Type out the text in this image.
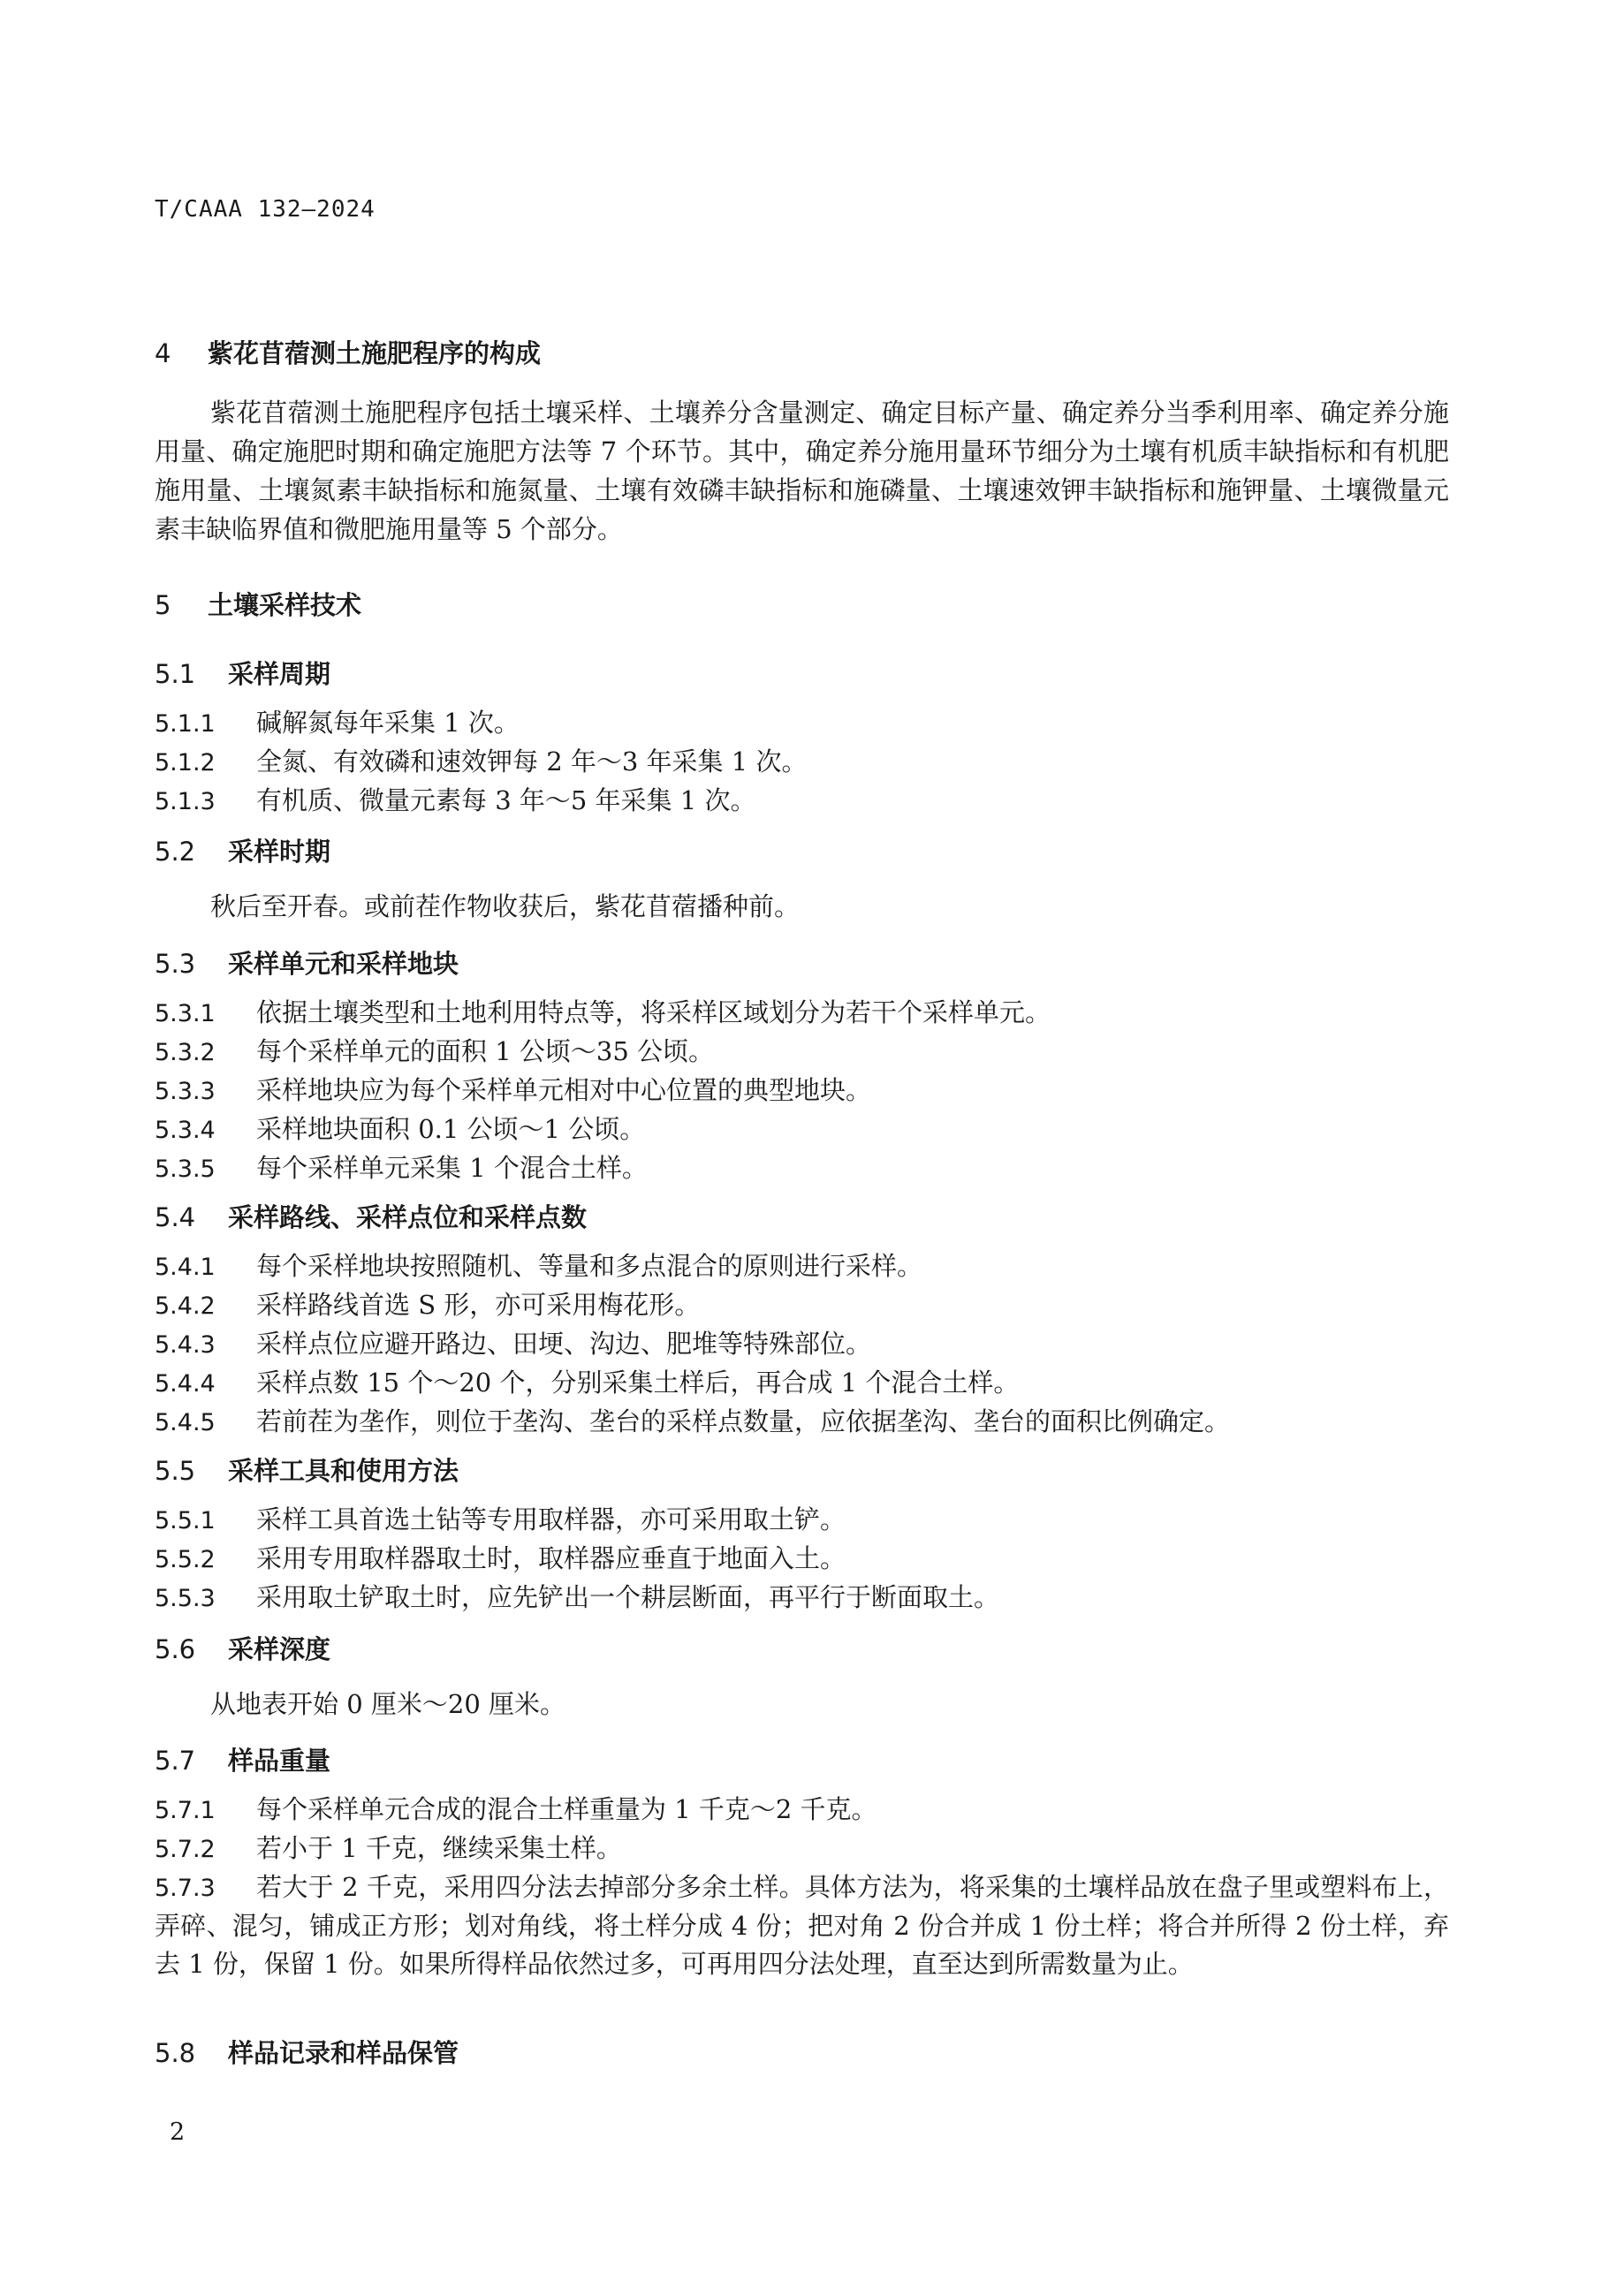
T/CAAA 132—2024
4 紫花苜蓿测土施肥程序的构成

紫花苜蓿测土施肥程序包括土壤采样、土壤养分含量测定、确定目标产量、确定养分当季利用率、确定养分施用量、确定施肥时期和确定施肥方法等 7 个环节。其中，确定养分施用量环节细分为土壤有机质丰缺指标和有机肥施用量、土壤氮素丰缺指标和施氮量、土壤有效磷丰缺指标和施磷量、土壤速效钾丰缺指标和施钾量、土壤微量元素丰缺临界值和微肥施用量等 5 个部分。

5 土壤采样技术
5.1 采样周期

5.1.1 碱解氮每年采集 1 次。

5.1.2 全氮、有效磷和速效钾每 2 年～3 年采集 1 次。

5.1.3 有机质、微量元素每 3 年～5 年采集 1 次。

5.2 采样时期

秋后至开春。或前茬作物收获后，紫花苜蓿播种前。

5.3 采样单元和采样地块

5.3.1 依据土壤类型和土地利用特点等，将采样区域划分为若干个采样单元。

5.3.2 每个采样单元的面积 1 公顷～35 公顷。

5.3.3 采样地块应为每个采样单元相对中心位置的典型地块。

5.3.4 采样地块面积 0.1 公顷～1 公顷。

5.3.5 每个采样单元采集 1 个混合土样。

5.4 采样路线、采样点位和采样点数

5.4.1 每个采样地块按照随机、等量和多点混合的原则进行采样。

5.4.2 采样路线首选 S 形，亦可采用梅花形。

5.4.3 采样点位应避开路边、田埂、沟边、肥堆等特殊部位。

5.4.4 采样点数 15 个～20 个，分别采集土样后，再合成 1 个混合土样。

5.4.5 若前茬为垄作，则位于垄沟、垄台的采样点数量，应依据垄沟、垄台的面积比例确定。

5.5 采样工具和使用方法

5.5.1 采样工具首选土钻等专用取样器，亦可采用取土铲。

5.5.2 采用专用取样器取土时，取样器应垂直于地面入土。

5.5.3 采用取土铲取土时，应先铲出一个耕层断面，再平行于断面取土。

5.6 采样深度

从地表开始 0 厘米～20 厘米。

5.7 样品重量

5.7.1 每个采样单元合成的混合土样重量为 1 千克～2 千克。

5.7.2 若小于 1 千克，继续采集土样。

5.7.3 若大于 2 千克，采用四分法去掉部分多余土样。具体方法为，将采集的土壤样品放在盘子里或塑料布上，弄碎、混匀，铺成正方形；划对角线，将土样分成 4 份；把对角 2 份合并成 1 份土样；将合并所得 2 份土样，弃去 1 份，保留 1 份。如果所得样品依然过多，可再用四分法处理，直至达到所需数量为止。

5.8 样品记录和样品保管
2
